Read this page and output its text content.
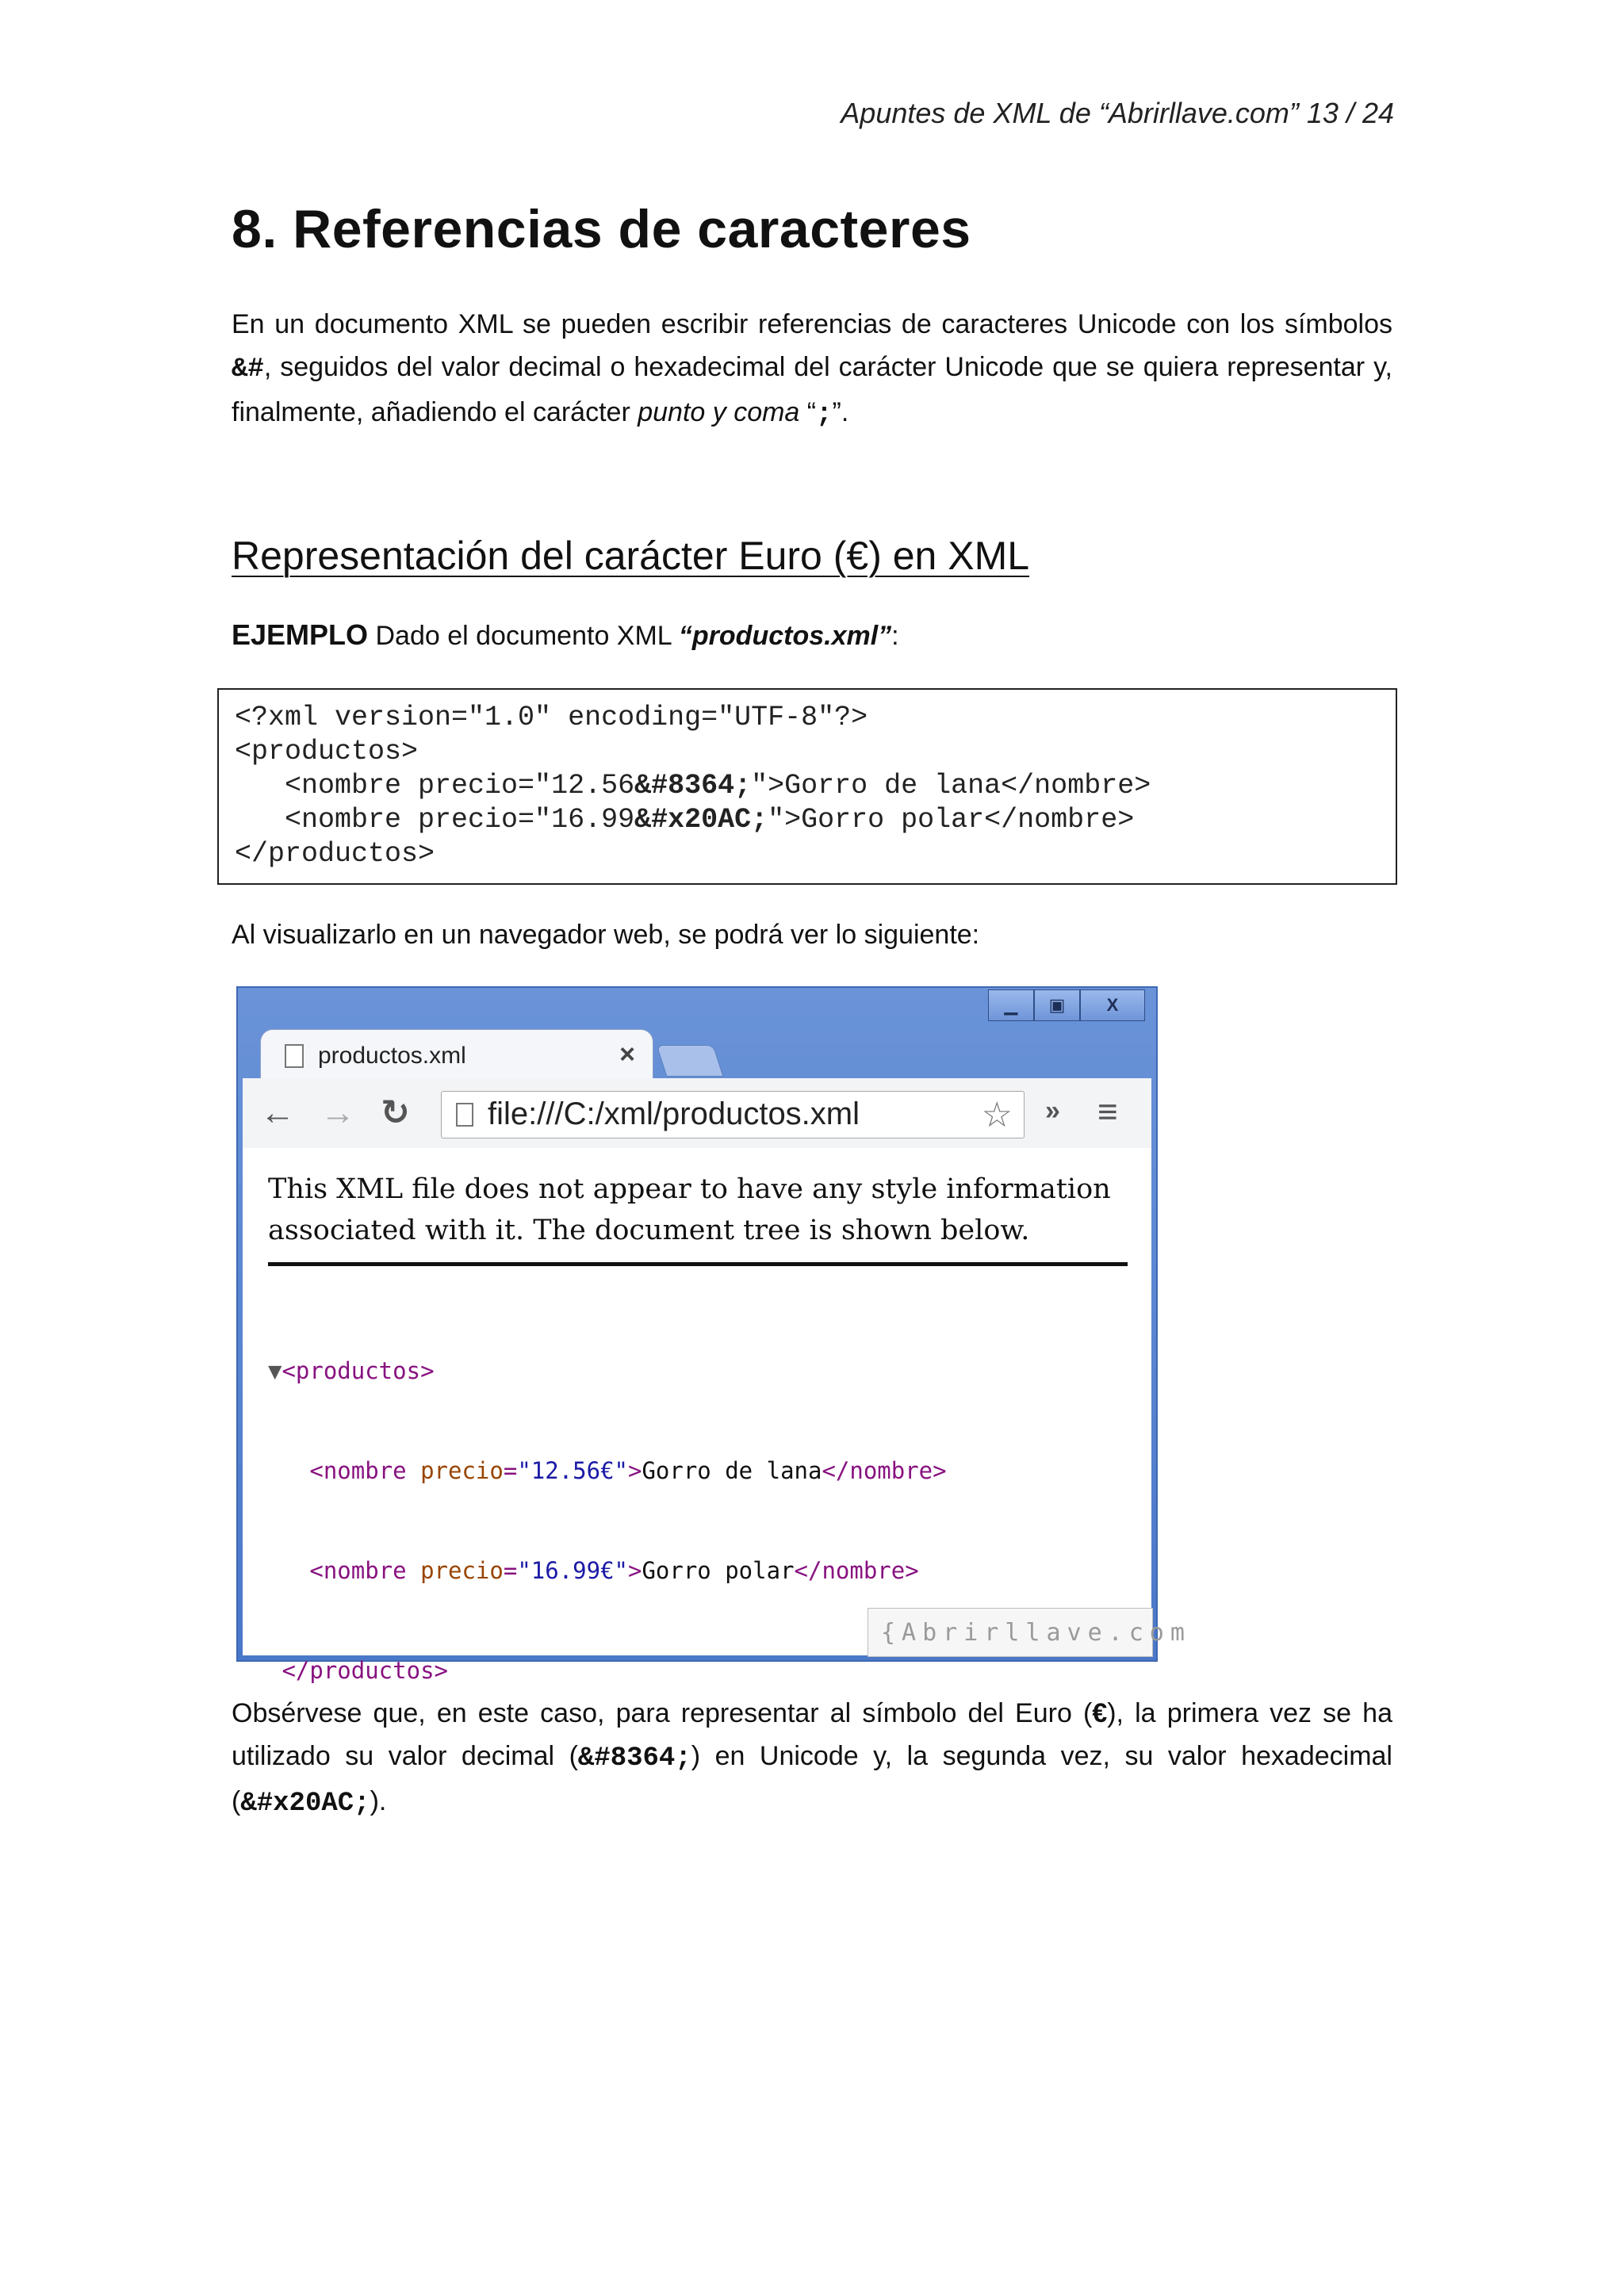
Apuntes de XML de “Abrirllave.com” 13 / 24
8. Referencias de caracteres
En un documento XML se pueden escribir referencias de caracteres Unicode con los símbolos &#, seguidos del valor decimal o hexadecimal del carácter Unicode que se quiera representar y, finalmente, añadiendo el carácter punto y coma “;”.
Representación del carácter Euro (€) en XML
EJEMPLO Dado el documento XML “productos.xml”:
<?xml version="1.0" encoding="UTF-8"?>
<productos>
<nombre precio="12.56&#8364;">Gorro de lana</nombre>
<nombre precio="16.99&#x20AC;">Gorro polar</nombre>
</productos>
Al visualizarlo en un navegador web, se podrá ver lo siguiente:
▁	▣	X
productos.xml	×
← → ↻ file:///C:/xml/productos.xml	☆ » ≡
This XML file does not appear to have any style information
associated with it. The document tree is shown below.

▼<productos>

<nombre precio="12.56€">Gorro de lana</nombre>

<nombre precio="16.99€">Gorro polar</nombre>

</productos>

{Abrirllave.com
Obsérvese que, en este caso, para representar al símbolo del Euro (€), la primera vez se ha utilizado su valor decimal (&#8364;) en Unicode y, la segunda vez, su valor hexadecimal (&#x20AC;).
